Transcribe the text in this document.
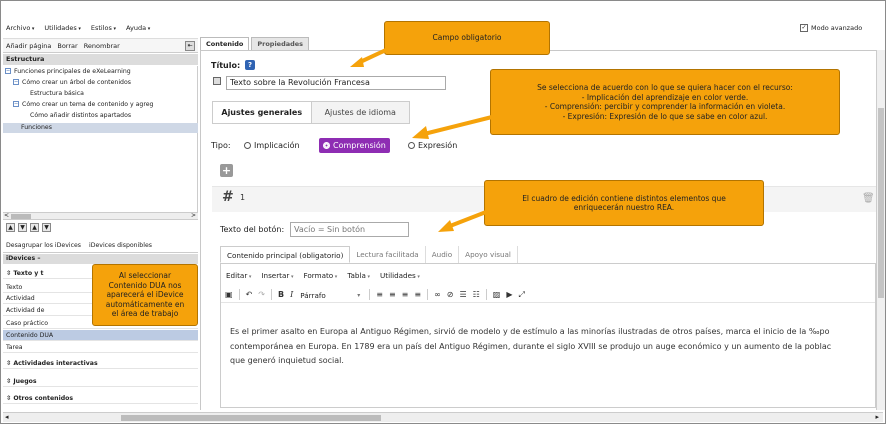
Archivo ▾	Utilidades ▾	Estilos ▾	Ayuda ▾
Añadir página Borrar Renombrar	⇤
Estructura
− Funciones principales de eXeLearning
− Cómo crear un árbol de contenidos
Estructura básica
− Cómo crear un tema de contenido y agreg
Cómo añadir distintos apartados
Funciones
<	>
▲	▼	▲	▼
Desagrupar los iDevices iDevices disponibles
iDevices –
⇳ Texto y t
Texto
Actividad
Actividad de
Caso práctico
Contenido DUA
Tarea
⇳ Actividades interactivas
⇳ Juegos
⇳ Otros contenidos
✓ Modo avanzado
Contenido	Propiedades
Título:	?
Texto sobre la Revolución Francesa
Ajustes generales	Ajustes de idioma
Tipo:	Implicación	Comprensión	Expresión
+
# 1	🗑
Texto del botón:	Vacío = Sin botón
Contenido principal (obligatorio)	Lectura facilitada	Audio	Apoyo visual
Editar ▾	Insertar ▾	Formato ▾	Tabla ▾	Utilidades ▾
▣ ↶ ↷ B I Párrafo ▾	≡ ≡ ≡ ≡ ∞ ⊘ ☰ ☷ ▨ ▶ ⤢
Es el primer asalto en Europa al Antiguo Régimen, sirvió de modelo y de estímulo a las minorías ilustradas de otros países, marca el inicio de la ‰po
contemporánea en Europa. En 1789 era un país del Antiguo Régimen, durante el siglo XVIII se produjo un auge económico y un aumento de la poblac
que generó inquietud social.
◂	▸
Campo obligatorio
Se selecciona de acuerdo con lo que se quiera hacer con el recurso:
- Implicación del aprendizaje en color verde.
- Comprensión: percibir y comprender la información en violeta.
- Expresión: Expresión de lo que se sabe en color azul.
El cuadro de edición contiene distintos elementos que
enriquecerán nuestro REA.
Al seleccionar
Contenido DUA nos
aparecerá el iDevice
automáticamente en
el área de trabajo
